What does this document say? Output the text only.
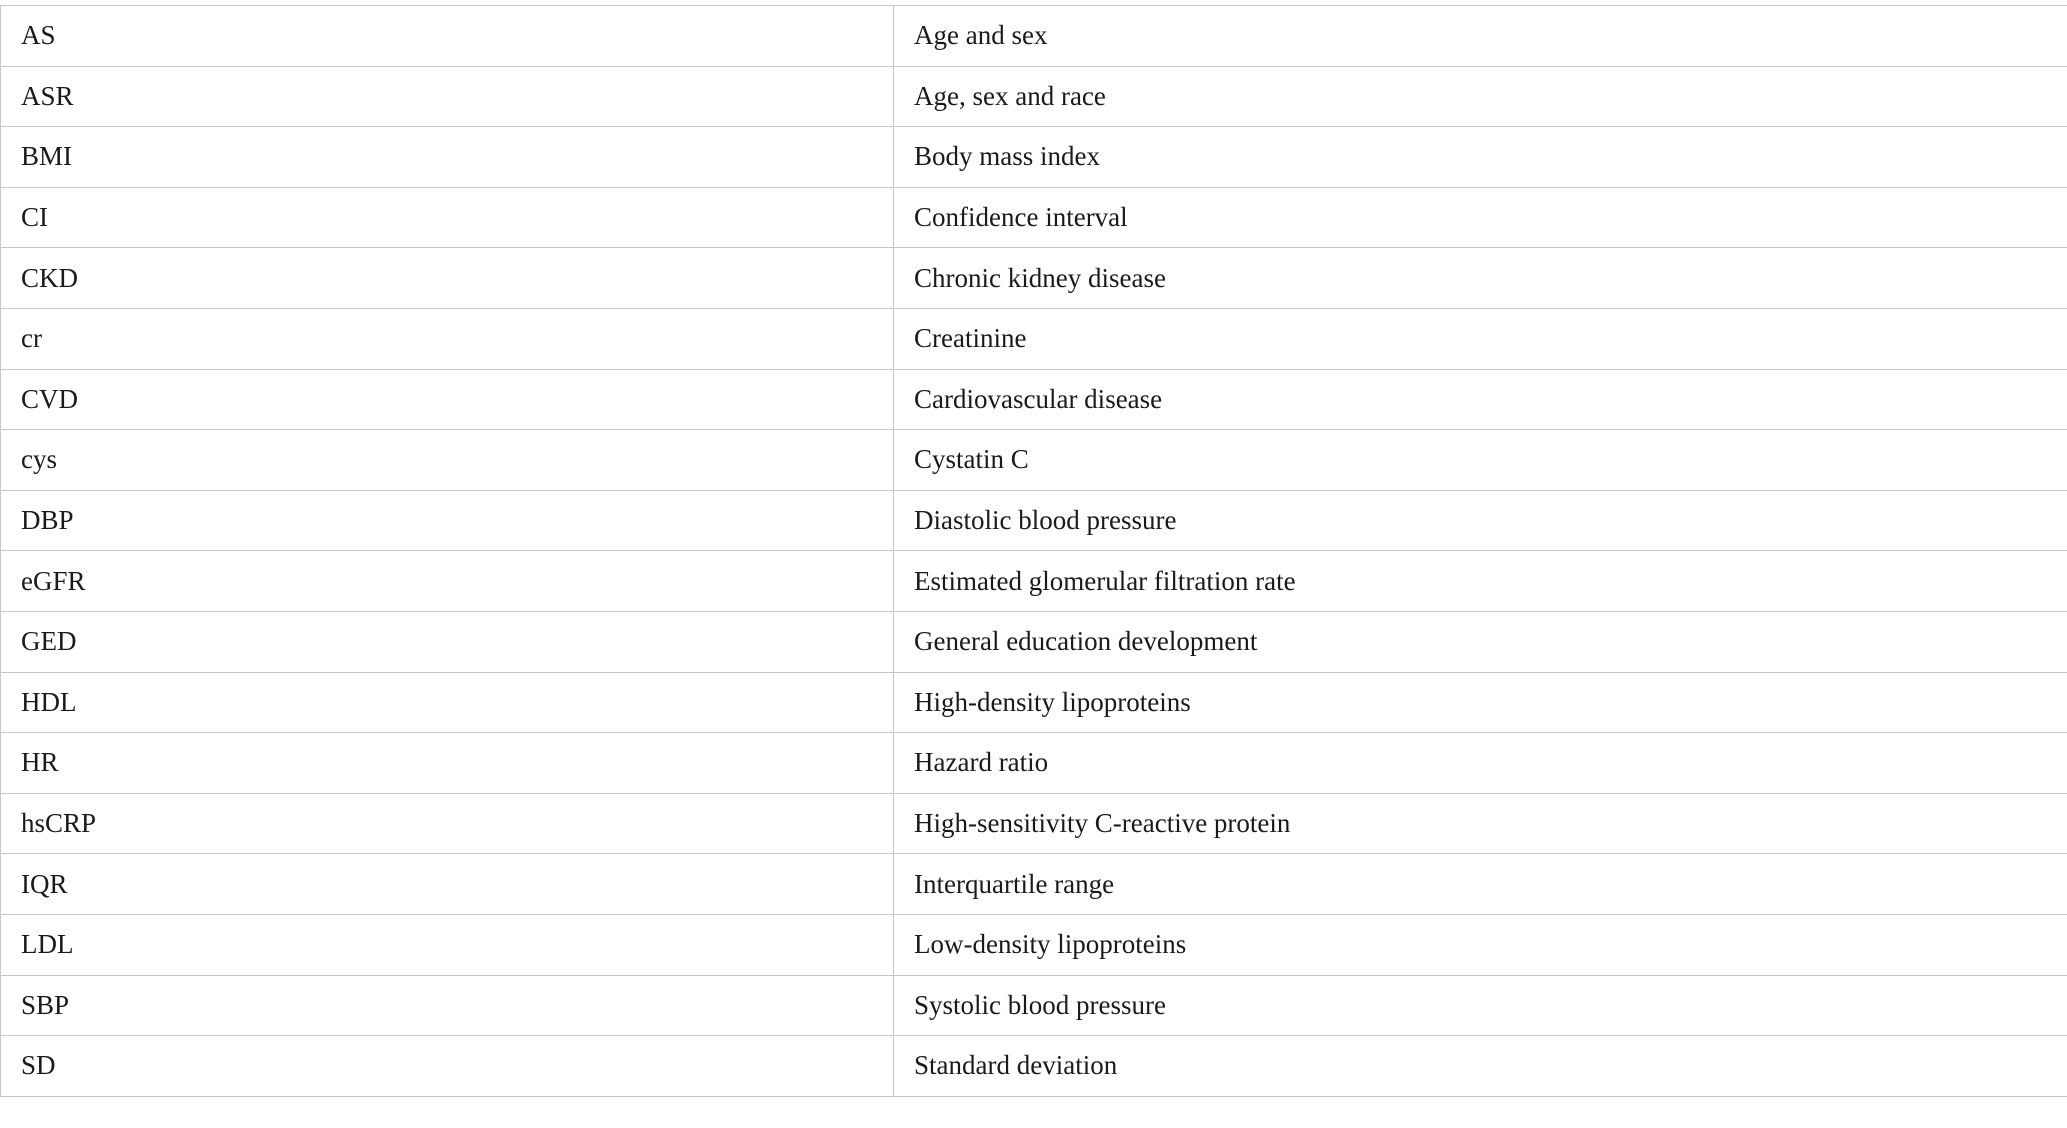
AS	Age and sex
ASR	Age, sex and race
BMI	Body mass index
CI	Confidence interval
CKD	Chronic kidney disease
cr	Creatinine
CVD	Cardiovascular disease
cys	Cystatin C
DBP	Diastolic blood pressure
eGFR	Estimated glomerular filtration rate
GED	General education development
HDL	High-density lipoproteins
HR	Hazard ratio
hsCRP	High-sensitivity C-reactive protein
IQR	Interquartile range
LDL	Low-density lipoproteins
SBP	Systolic blood pressure
SD	Standard deviation
